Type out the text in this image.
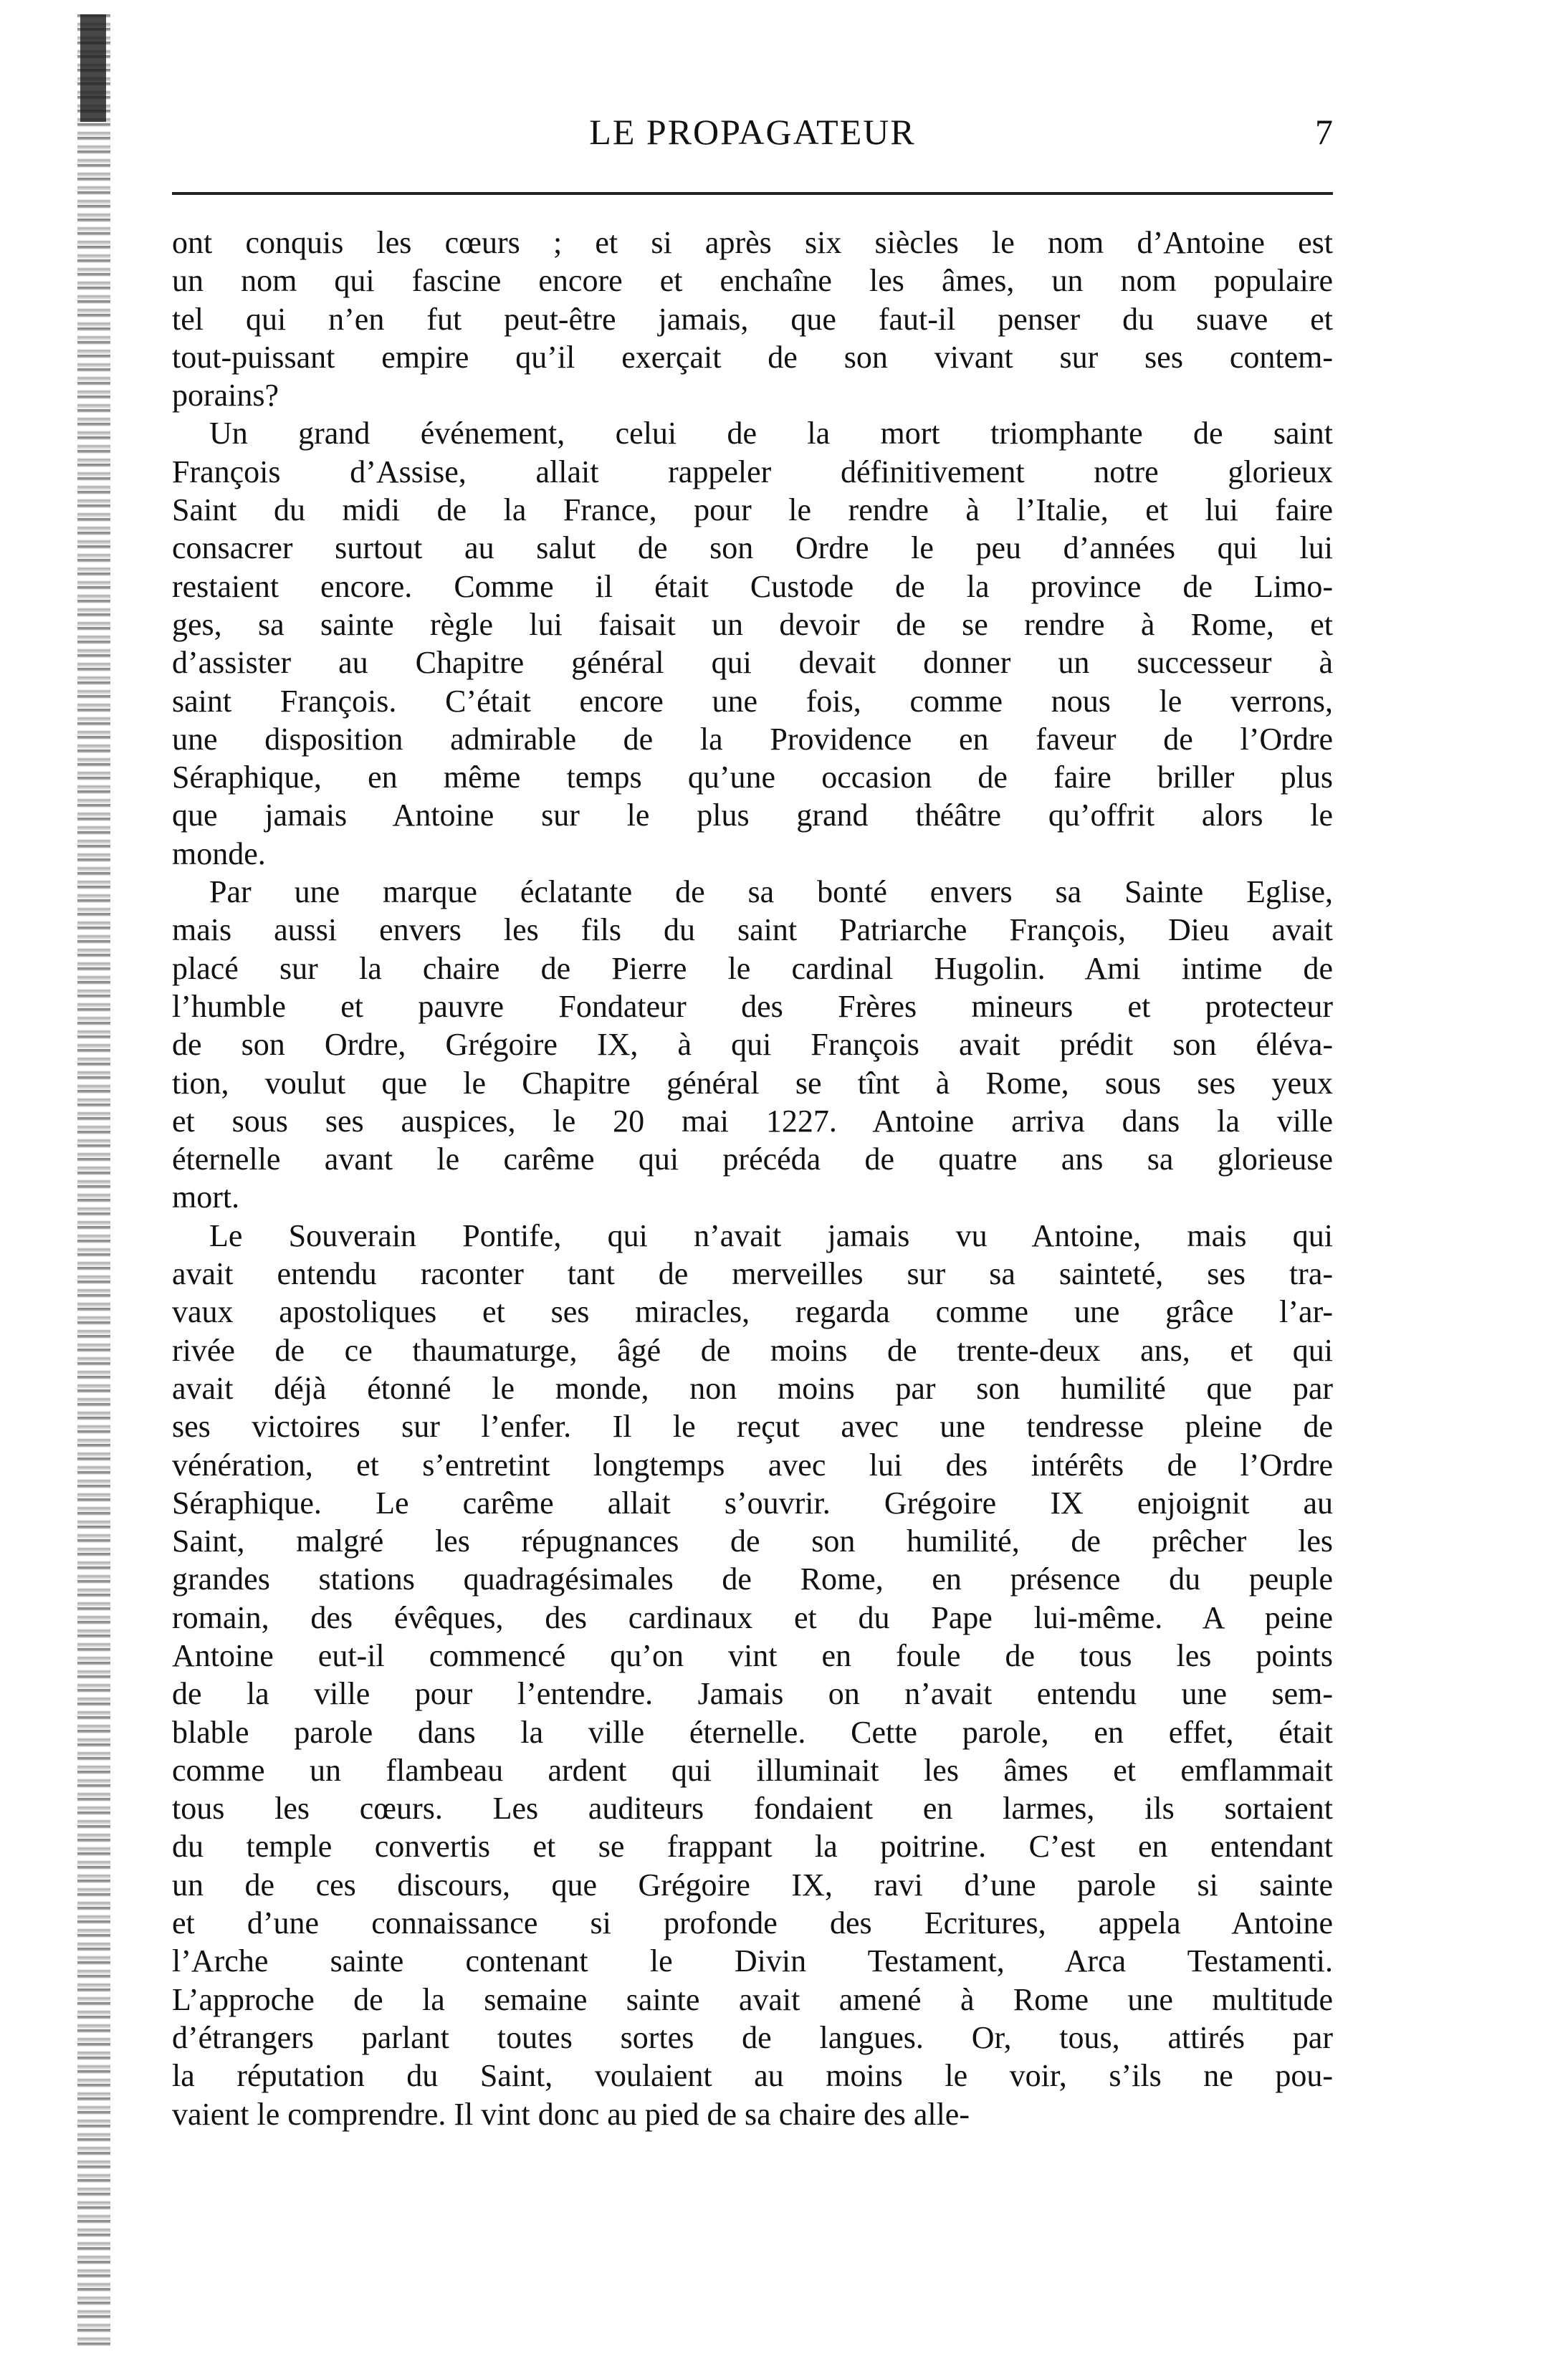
LE PROPAGATEUR	7
ont conquis les cœurs ; et si après six siècles le nom d’Antoine est
un nom qui fascine encore et enchaîne les âmes, un nom populaire
tel qui n’en fut peut-être jamais, que faut-il penser du suave et
tout-puissant empire qu’il exerçait de son vivant sur ses contem-
porains?
Un grand événement, celui de la mort triomphante de saint
François d’Assise, allait rappeler définitivement notre glorieux
Saint du midi de la France, pour le rendre à l’Italie, et lui faire
consacrer surtout au salut de son Ordre le peu d’années qui lui
restaient encore. Comme il était Custode de la province de Limo-
ges, sa sainte règle lui faisait un devoir de se rendre à Rome, et
d’assister au Chapitre général qui devait donner un successeur à
saint François. C’était encore une fois, comme nous le verrons,
une disposition admirable de la Providence en faveur de l’Ordre
Séraphique, en même temps qu’une occasion de faire briller plus
que jamais Antoine sur le plus grand théâtre qu’offrit alors le
monde.
Par une marque éclatante de sa bonté envers sa Sainte Eglise,
mais aussi envers les fils du saint Patriarche François, Dieu avait
placé sur la chaire de Pierre le cardinal Hugolin. Ami intime de
l’humble et pauvre Fondateur des Frères mineurs et protecteur
de son Ordre, Grégoire IX, à qui François avait prédit son éléva-
tion, voulut que le Chapitre général se tînt à Rome, sous ses yeux
et sous ses auspices, le 20 mai 1227. Antoine arriva dans la ville
éternelle avant le carême qui précéda de quatre ans sa glorieuse
mort.
Le Souverain Pontife, qui n’avait jamais vu Antoine, mais qui
avait entendu raconter tant de merveilles sur sa sainteté, ses tra-
vaux apostoliques et ses miracles, regarda comme une grâce l’ar-
rivée de ce thaumaturge, âgé de moins de trente-deux ans, et qui
avait déjà étonné le monde, non moins par son humilité que par
ses victoires sur l’enfer. Il le reçut avec une tendresse pleine de
vénération, et s’entretint longtemps avec lui des intérêts de l’Ordre
Séraphique. Le carême allait s’ouvrir. Grégoire IX enjoignit au
Saint, malgré les répugnances de son humilité, de prêcher les
grandes stations quadragésimales de Rome, en présence du peuple
romain, des évêques, des cardinaux et du Pape lui-même. A peine
Antoine eut-il commencé qu’on vint en foule de tous les points
de la ville pour l’entendre. Jamais on n’avait entendu une sem-
blable parole dans la ville éternelle. Cette parole, en effet, était
comme un flambeau ardent qui illuminait les âmes et emflammait
tous les cœurs. Les auditeurs fondaient en larmes, ils sortaient
du temple convertis et se frappant la poitrine. C’est en entendant
un de ces discours, que Grégoire IX, ravi d’une parole si sainte
et d’une connaissance si profonde des Ecritures, appela Antoine
l’Arche sainte contenant le Divin Testament, Arca Testamenti.
L’approche de la semaine sainte avait amené à Rome une multitude
d’étrangers parlant toutes sortes de langues. Or, tous, attirés par
la réputation du Saint, voulaient au moins le voir, s’ils ne pou-
vaient le comprendre. Il vint donc au pied de sa chaire des alle-
